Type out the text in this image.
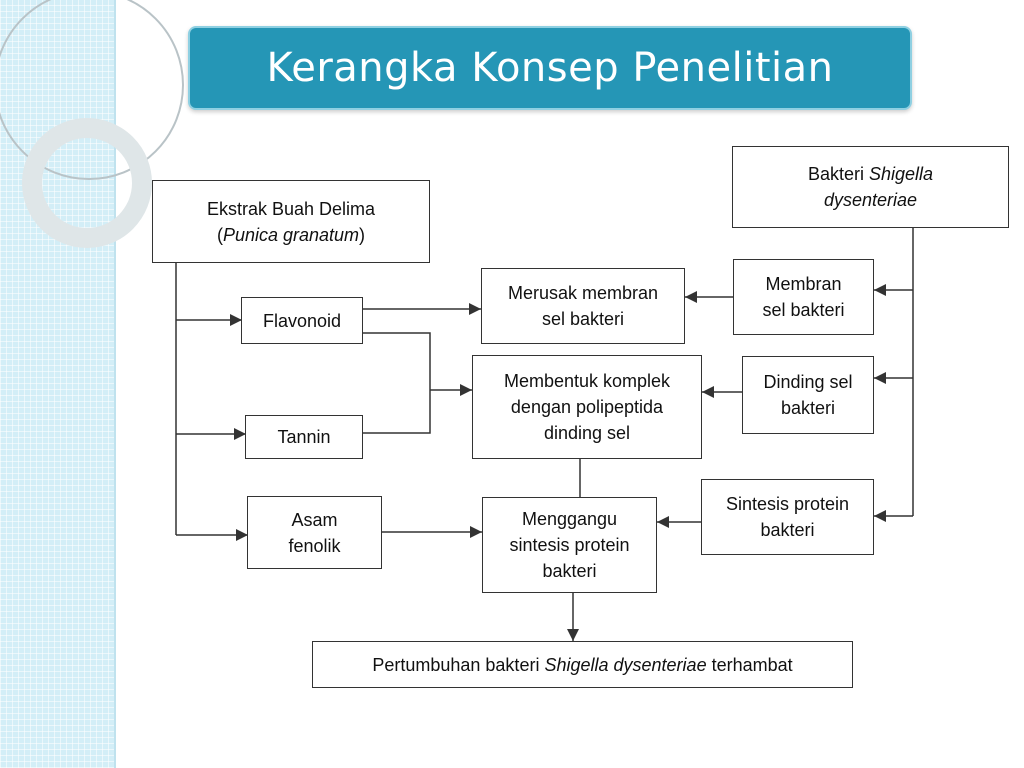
Kerangka Konsep Penelitian
Ekstrak Buah Delima
(Punica granatum)
Bakteri Shigella
dysenteriae
Flavonoid
Tannin
Asam
fenolik
Merusak membran
sel bakteri
Membentuk komplek
dengan polipeptida
dinding sel
Menggangu
sintesis protein
bakteri
Membran
sel bakteri
Dinding sel
bakteri
Sintesis protein
bakteri
Pertumbuhan bakteri Shigella dysenteriae terhambat
